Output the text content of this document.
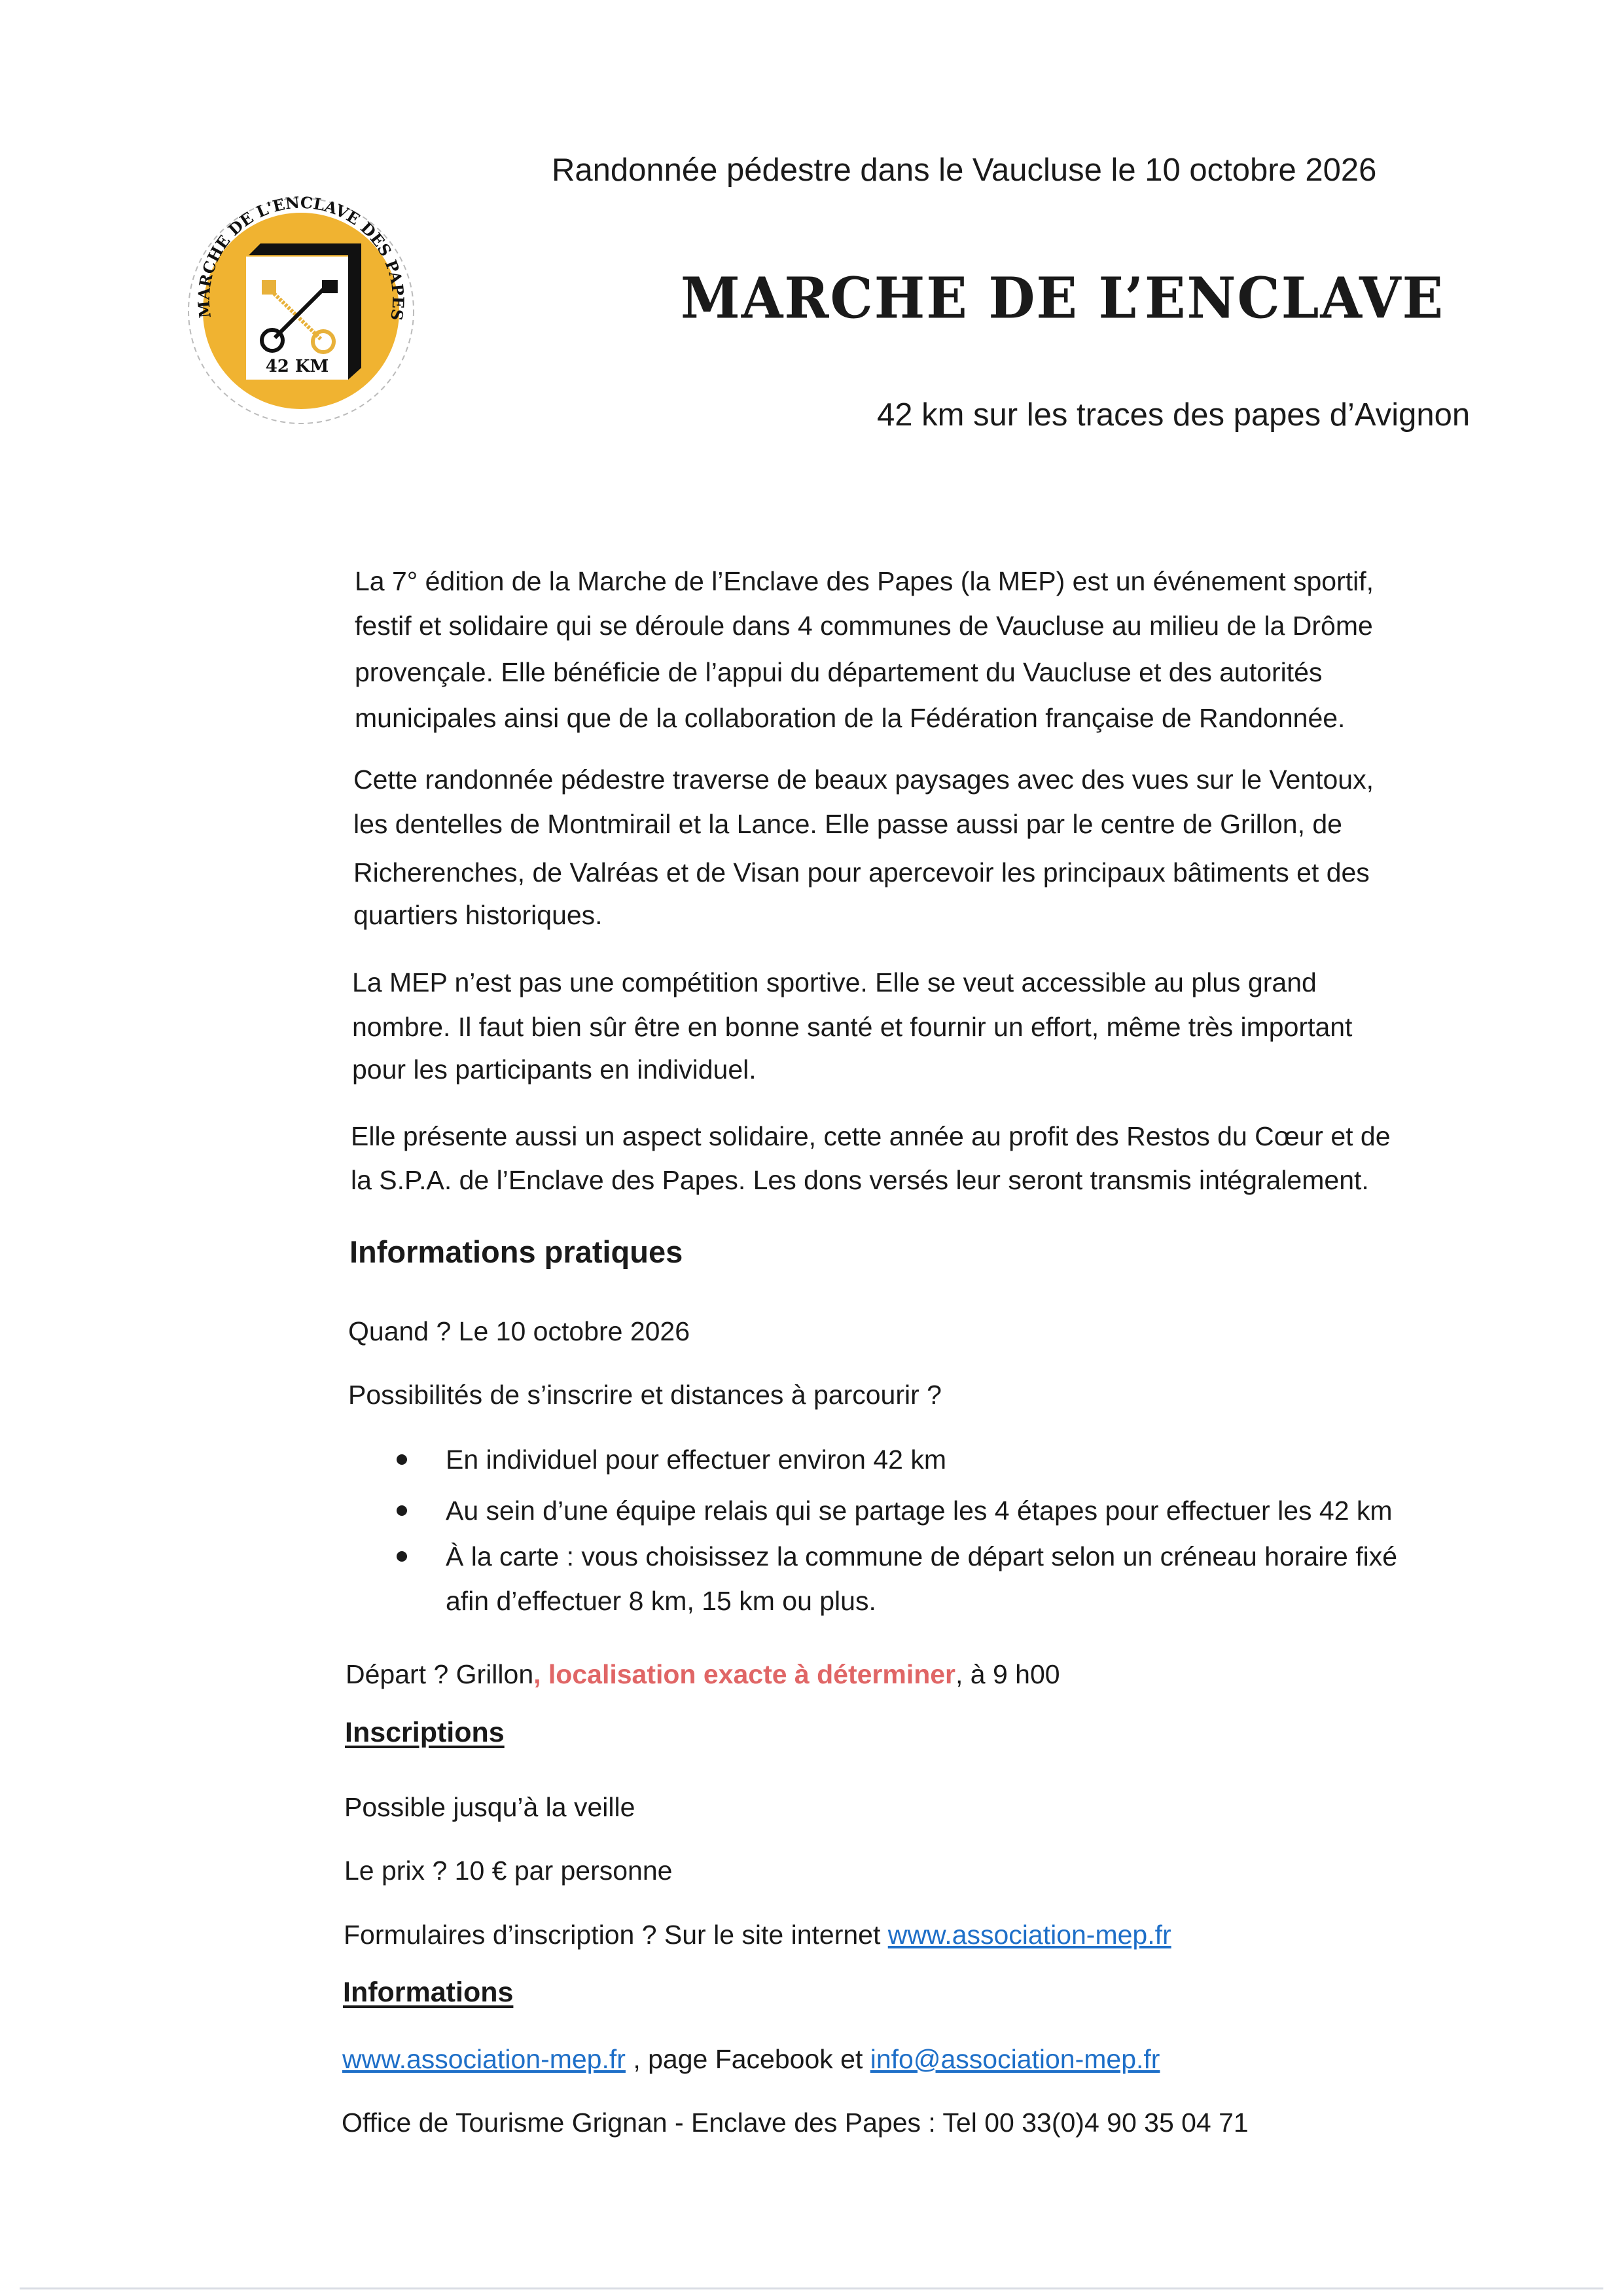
MARCHE DE L'ENCLAVE DES PAPES
42 KM
Randonnée pédestre dans le Vaucluse le 10 octobre 2026
MARCHE DE L’ENCLAVE
42 km sur les traces des papes d’Avignon
La 7° édition de la Marche de l’Enclave des Papes (la MEP) est un événement sportif,
festif et solidaire qui se déroule dans 4 communes de Vaucluse au milieu de la Drôme
provençale. Elle bénéficie de l’appui du département du Vaucluse et des autorités
municipales ainsi que de la collaboration de la Fédération française de Randonnée.
Cette randonnée pédestre traverse de beaux paysages avec des vues sur le Ventoux,
les dentelles de Montmirail et la Lance. Elle passe aussi par le centre de Grillon, de
Richerenches, de Valréas et de Visan pour apercevoir les principaux bâtiments et des
quartiers historiques.
La MEP n’est pas une compétition sportive. Elle se veut accessible au plus grand
nombre. Il faut bien sûr être en bonne santé et fournir un effort, même très important
pour les participants en individuel.
Elle présente aussi un aspect solidaire, cette année au profit des Restos du Cœur et de
la S.P.A. de l’Enclave des Papes. Les dons versés leur seront transmis intégralement.
Informations pratiques
Quand ? Le 10 octobre 2026
Possibilités de s’inscrire et distances à parcourir ?
En individuel pour effectuer environ 42 km
Au sein d’une équipe relais qui se partage les 4 étapes pour effectuer les 42 km
À la carte : vous choisissez la commune de départ selon un créneau horaire fixé
afin d’effectuer 8 km, 15 km ou plus.
Départ ? Grillon, localisation exacte à déterminer, à 9 h00
Inscriptions
Possible jusqu’à la veille
Le prix ? 10 € par personne
Formulaires d’inscription ? Sur le site internet www.association-mep.fr
Informations
www.association-mep.fr , page Facebook et info@association-mep.fr
Office de Tourisme Grignan - Enclave des Papes : Tel 00 33(0)4 90 35 04 71
